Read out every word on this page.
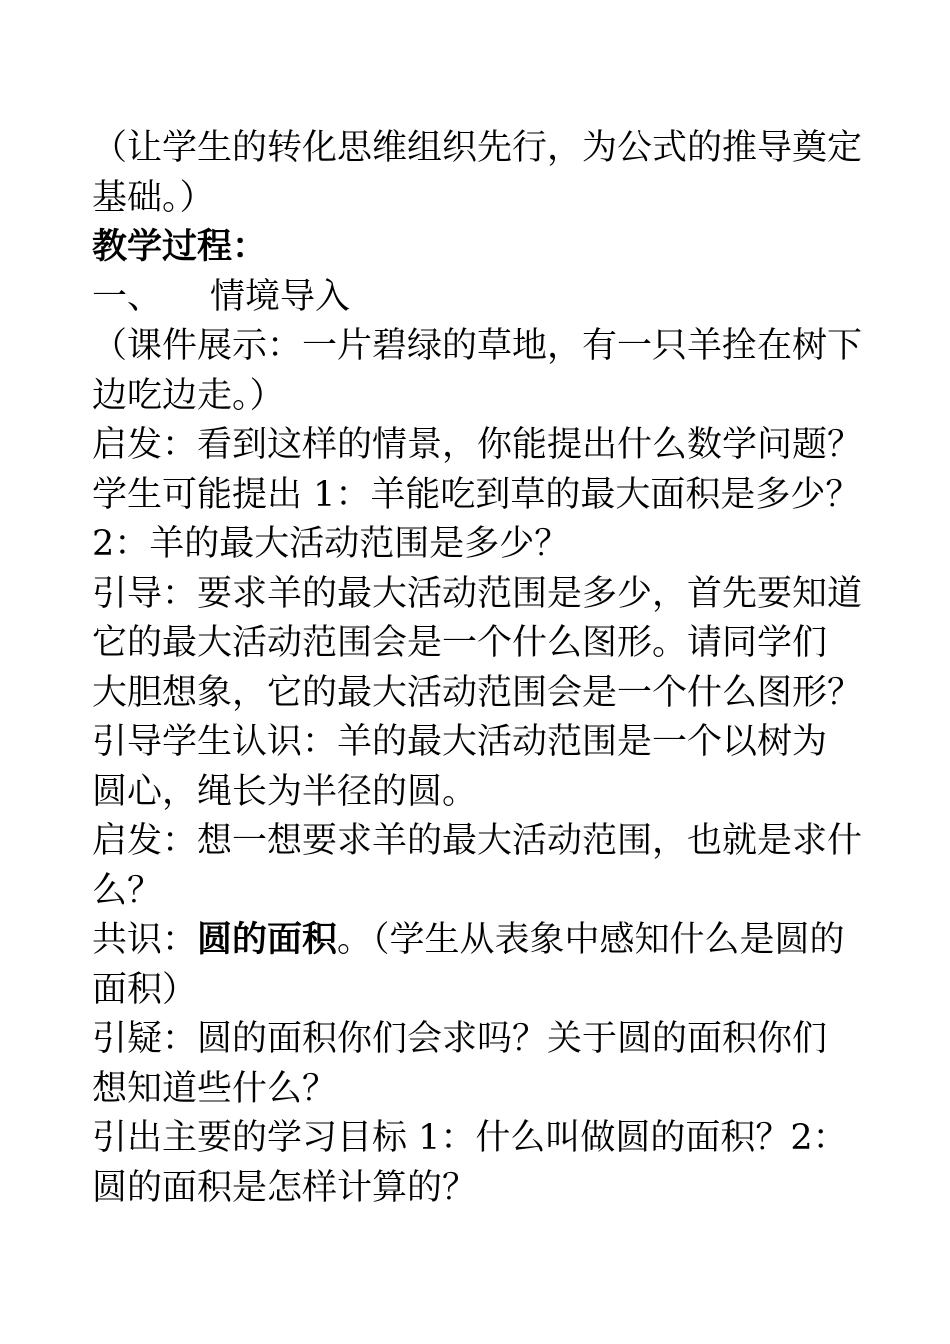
（让学生的转化思维组织先行，为公式的推导奠定
基础。）
教学过程：
一、 情境导入
（课件展示：一片碧绿的草地，有一只羊拴在树下
边吃边走。）
启发：看到这样的情景，你能提出什么数学问题？
学生可能提出 1：羊能吃到草的最大面积是多少？
2：羊的最大活动范围是多少？
引导：要求羊的最大活动范围是多少，首先要知道
它的最大活动范围会是一个什么图形。请同学们
大胆想象，它的最大活动范围会是一个什么图形？
引导学生认识：羊的最大活动范围是一个以树为
圆心，绳长为半径的圆。
启发：想一想要求羊的最大活动范围，也就是求什
么？
共识：圆的面积。（学生从表象中感知什么是圆的
面积）
引疑：圆的面积你们会求吗？关于圆的面积你们
想知道些什么？
引出主要的学习目标 1：什么叫做圆的面积？2：
圆的面积是怎样计算的？
